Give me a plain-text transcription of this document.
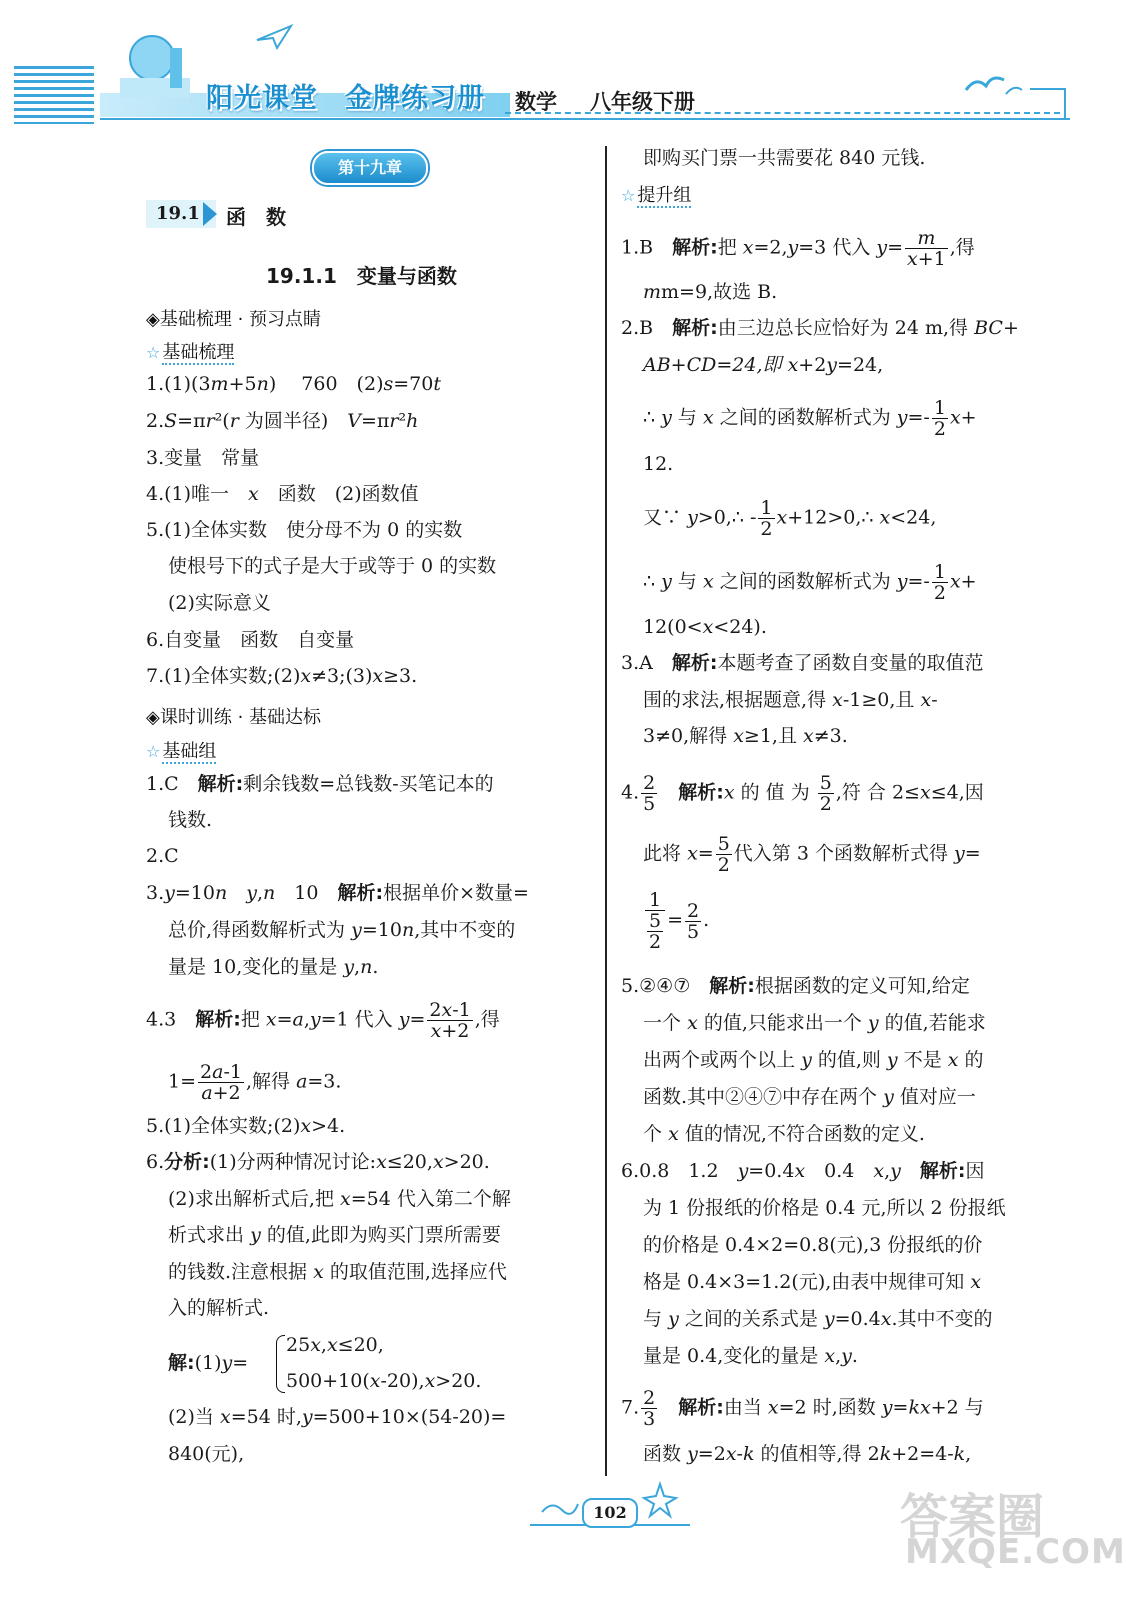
阳光课堂 金牌练习册 数学 八年级下册
第十九章
19.1	函　数
19.1.1　变量与函数
◈基础梳理 · 预习点睛
☆ 基础梳理
1.(1)(3m+5n)　 760　(2)s=70t
2.S=πr²(r 为圆半径)　V=πr²h
3.变量　常量
4.(1)唯一　x　函数　(2)函数值
5.(1)全体实数　使分母不为 0 的实数
使根号下的式子是大于或等于 0 的实数
(2)实际意义
6.自变量　函数　自变量
7.(1)全体实数;(2)x≠3;(3)x≥3.
◈课时训练 · 基础达标
☆ 基础组
1.C　解析:剩余钱数=总钱数-买笔记本的
钱数.
2.C
3.y=10n　 y,n　10　解析:根据单价×数量=
总价,得函数解析式为 y=10n,其中不变的
量是 10,变化的量是 y,n.
4.3　解析:把 x=a,y=1 代入 $y= \frac{2x-1}{x+2}$ ,得
$1= \frac{2a-1}{a+2}$ ,解得 a=3.
5.(1)全体实数;(2)x>4.
6.分析:(1)分两种情况讨论:x≤20,x>20.
(2)求出解析式后,把 x=54 代入第二个解
析式求出 y 的值,此即为购买门票所需要
的钱数.注意根据 x 的取值范围,选择应代
入的解析式.
解:(1)y=
25x,x≤20,
500+10(x-20),x>20.
(2)当 x=54 时,y=500+10×(54-20)=
840(元),
即购买门票一共需要花 840 元钱.
☆ 提升组
1.B　解析:把 x=2,y=3 代入 $y= \frac{m}{x+1}$ ,得
mm=9,故选 B.
2.B　解析:由三边总长应恰好为 24 m,得 BC+
AB+CD=24,即 x+2y=24,
∴ y 与 x 之间的函数解析式为 $y=- \frac{1}{2} x+$
12.
又∵ y>0,∴ - $\frac{1}{2}$ x+12>0,∴ x<24,
∴ y 与 x 之间的函数解析式为 $y=- \frac{1}{2} x+$
12(0<x<24).
3.A　解析:本题考查了函数自变量的取值范
围的求法,根据题意,得 x-1≥0,且 x-
3≠0,解得 x≥1,且 x≠3.
4. $\frac{2}{5}$
　 解析:x 的 值 为 $\frac{5}{2}$ ,符 合 2≤x≤4,因
此将 $x= \frac{5}{2}$ 代入第 3 个函数解析式得 y=
$\frac{1}{\frac{5}{2}} = \frac{2}{5}$ .
5.②④⑦　解析:根据函数的定义可知,给定
一个 x 的值,只能求出一个 y 的值,若能求
出两个或两个以上 y 的值,则 y 不是 x 的
函数.其中②④⑦中存在两个 y 值对应一
个 x 值的情况,不符合函数的定义.
6.0.8　1.2　y=0.4x　0.4　x,y　 解析:因
为 1 份报纸的价格是 0.4 元,所以 2 份报纸
的价格是 0.4×2=0.8(元),3 份报纸的价
格是 0.4×3=1.2(元),由表中规律可知 x
与 y 之间的关系式是 y=0.4x.其中不变的
量是 0.4,变化的量是 x,y.
7. $\frac{2}{3}$
　 解析:由当 x=2 时,函数 y=kx+2 与
函数 y=2x-k 的值相等,得 2k+2=4-k,
102	答案圈
MXQE.COM
